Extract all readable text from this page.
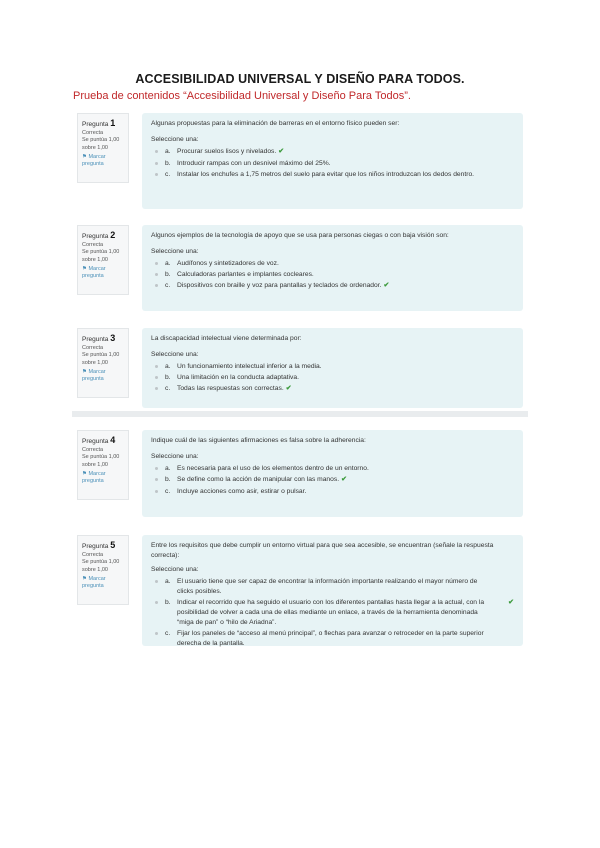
ACCESIBILIDAD UNIVERSAL Y DISEÑO PARA TODOS.
Prueba de contenidos “Accesibilidad Universal y Diseño Para Todos”.
Pregunta 1
Correcta
Se puntúa 1,00 sobre 1,00
⚑ Marcar pregunta
Algunas propuestas para la eliminación de barreras en el entorno físico pueden ser:
Seleccione una:
a. Procurar suelos lisos y nivelados. ✔
b. Introducir rampas con un desnivel máximo del 25%.
c. Instalar los enchufes a 1,75 metros del suelo para evitar que los niños introduzcan los dedos dentro.
Pregunta 2
Correcta
Se puntúa 1,00 sobre 1,00
⚑ Marcar pregunta
Algunos ejemplos de la tecnología de apoyo que se usa para personas ciegas o con baja visión son:
Seleccione una:
a. Audífonos y sintetizadores de voz.
b. Calculadoras parlantes e implantes cocleares.
c. Dispositivos con braille y voz para pantallas y teclados de ordenador. ✔
Pregunta 3
Correcta
Se puntúa 1,00 sobre 1,00
⚑ Marcar pregunta
La discapacidad intelectual viene determinada por:
Seleccione una:
a. Un funcionamiento intelectual inferior a la media.
b. Una limitación en la conducta adaptativa.
c. Todas las respuestas son correctas. ✔
Pregunta 4
Correcta
Se puntúa 1,00 sobre 1,00
⚑ Marcar pregunta
Indique cuál de las siguientes afirmaciones es falsa sobre la adherencia:
Seleccione una:
a. Es necesaria para el uso de los elementos dentro de un entorno.
b. Se define como la acción de manipular con las manos. ✔
c. Incluye acciones como asir, estirar o pulsar.
Pregunta 5
Correcta
Se puntúa 1,00 sobre 1,00
⚑ Marcar pregunta
Entre los requisitos que debe cumplir un entorno virtual para que sea accesible, se encuentran (señale la respuesta correcta):
Seleccione una:
a. El usuario tiene que ser capaz de encontrar la información importante realizando el mayor número de clicks posibles.
b. Indicar el recorrido que ha seguido el usuario con los diferentes pantallas hasta llegar a la actual, con la posibilidad de volver a cada una de ellas mediante un enlace, a través de la herramienta denominada “miga de pan” o “hilo de Ariadna”.
✔
c. Fijar los paneles de “acceso al menú principal”, o flechas para avanzar o retroceder en la parte superior derecha de la pantalla.
